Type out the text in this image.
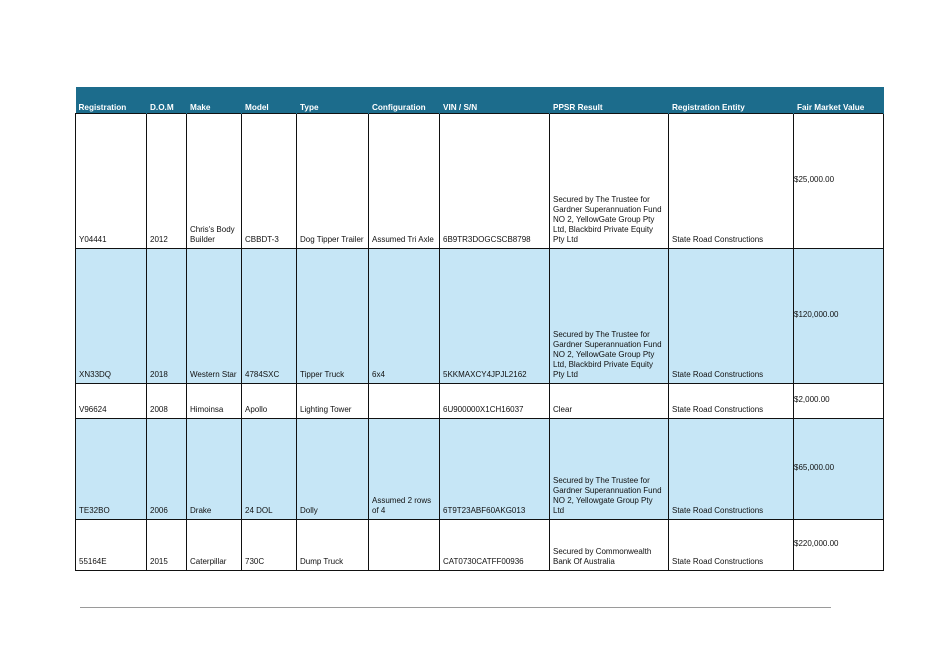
Registration	D.O.M	Make	Model	Type	Configuration	VIN / S/N	PPSR Result	Registration Entity	Fair Market Value
Y04441	2012	Chris's Body Builder	CBBDT-3	Dog Tipper Trailer	Assumed Tri Axle	6B9TR3DOGCSCB8798	Secured by The Trustee for Gardner Superannuation Fund NO 2, YellowGate Group Pty Ltd, Blackbird Private Equity Pty Ltd	State Road Constructions	$25,000.00
XN33DQ	2018	Western Star	4784SXC	Tipper Truck	6x4	5KKMAXCY4JPJL2162	Secured by The Trustee for Gardner Superannuation Fund NO 2, YellowGate Group Pty Ltd, Blackbird Private Equity Pty Ltd	State Road Constructions	$120,000.00
V96624	2008	Himoinsa	Apollo	Lighting Tower		6U900000X1CH16037	Clear	State Road Constructions	$2,000.00
TE32BO	2006	Drake	24 DOL	Dolly	Assumed 2 rows of 4	6T9T23ABF60AKG013	Secured by The Trustee for Gardner Superannuation Fund NO 2, Yellowgate Group Pty Ltd	State Road Constructions	$65,000.00
55164E	2015	Caterpillar	730C	Dump Truck		CAT0730CATFF00936	Secured by Commonwealth Bank Of Australia	State Road Constructions	$220,000.00
